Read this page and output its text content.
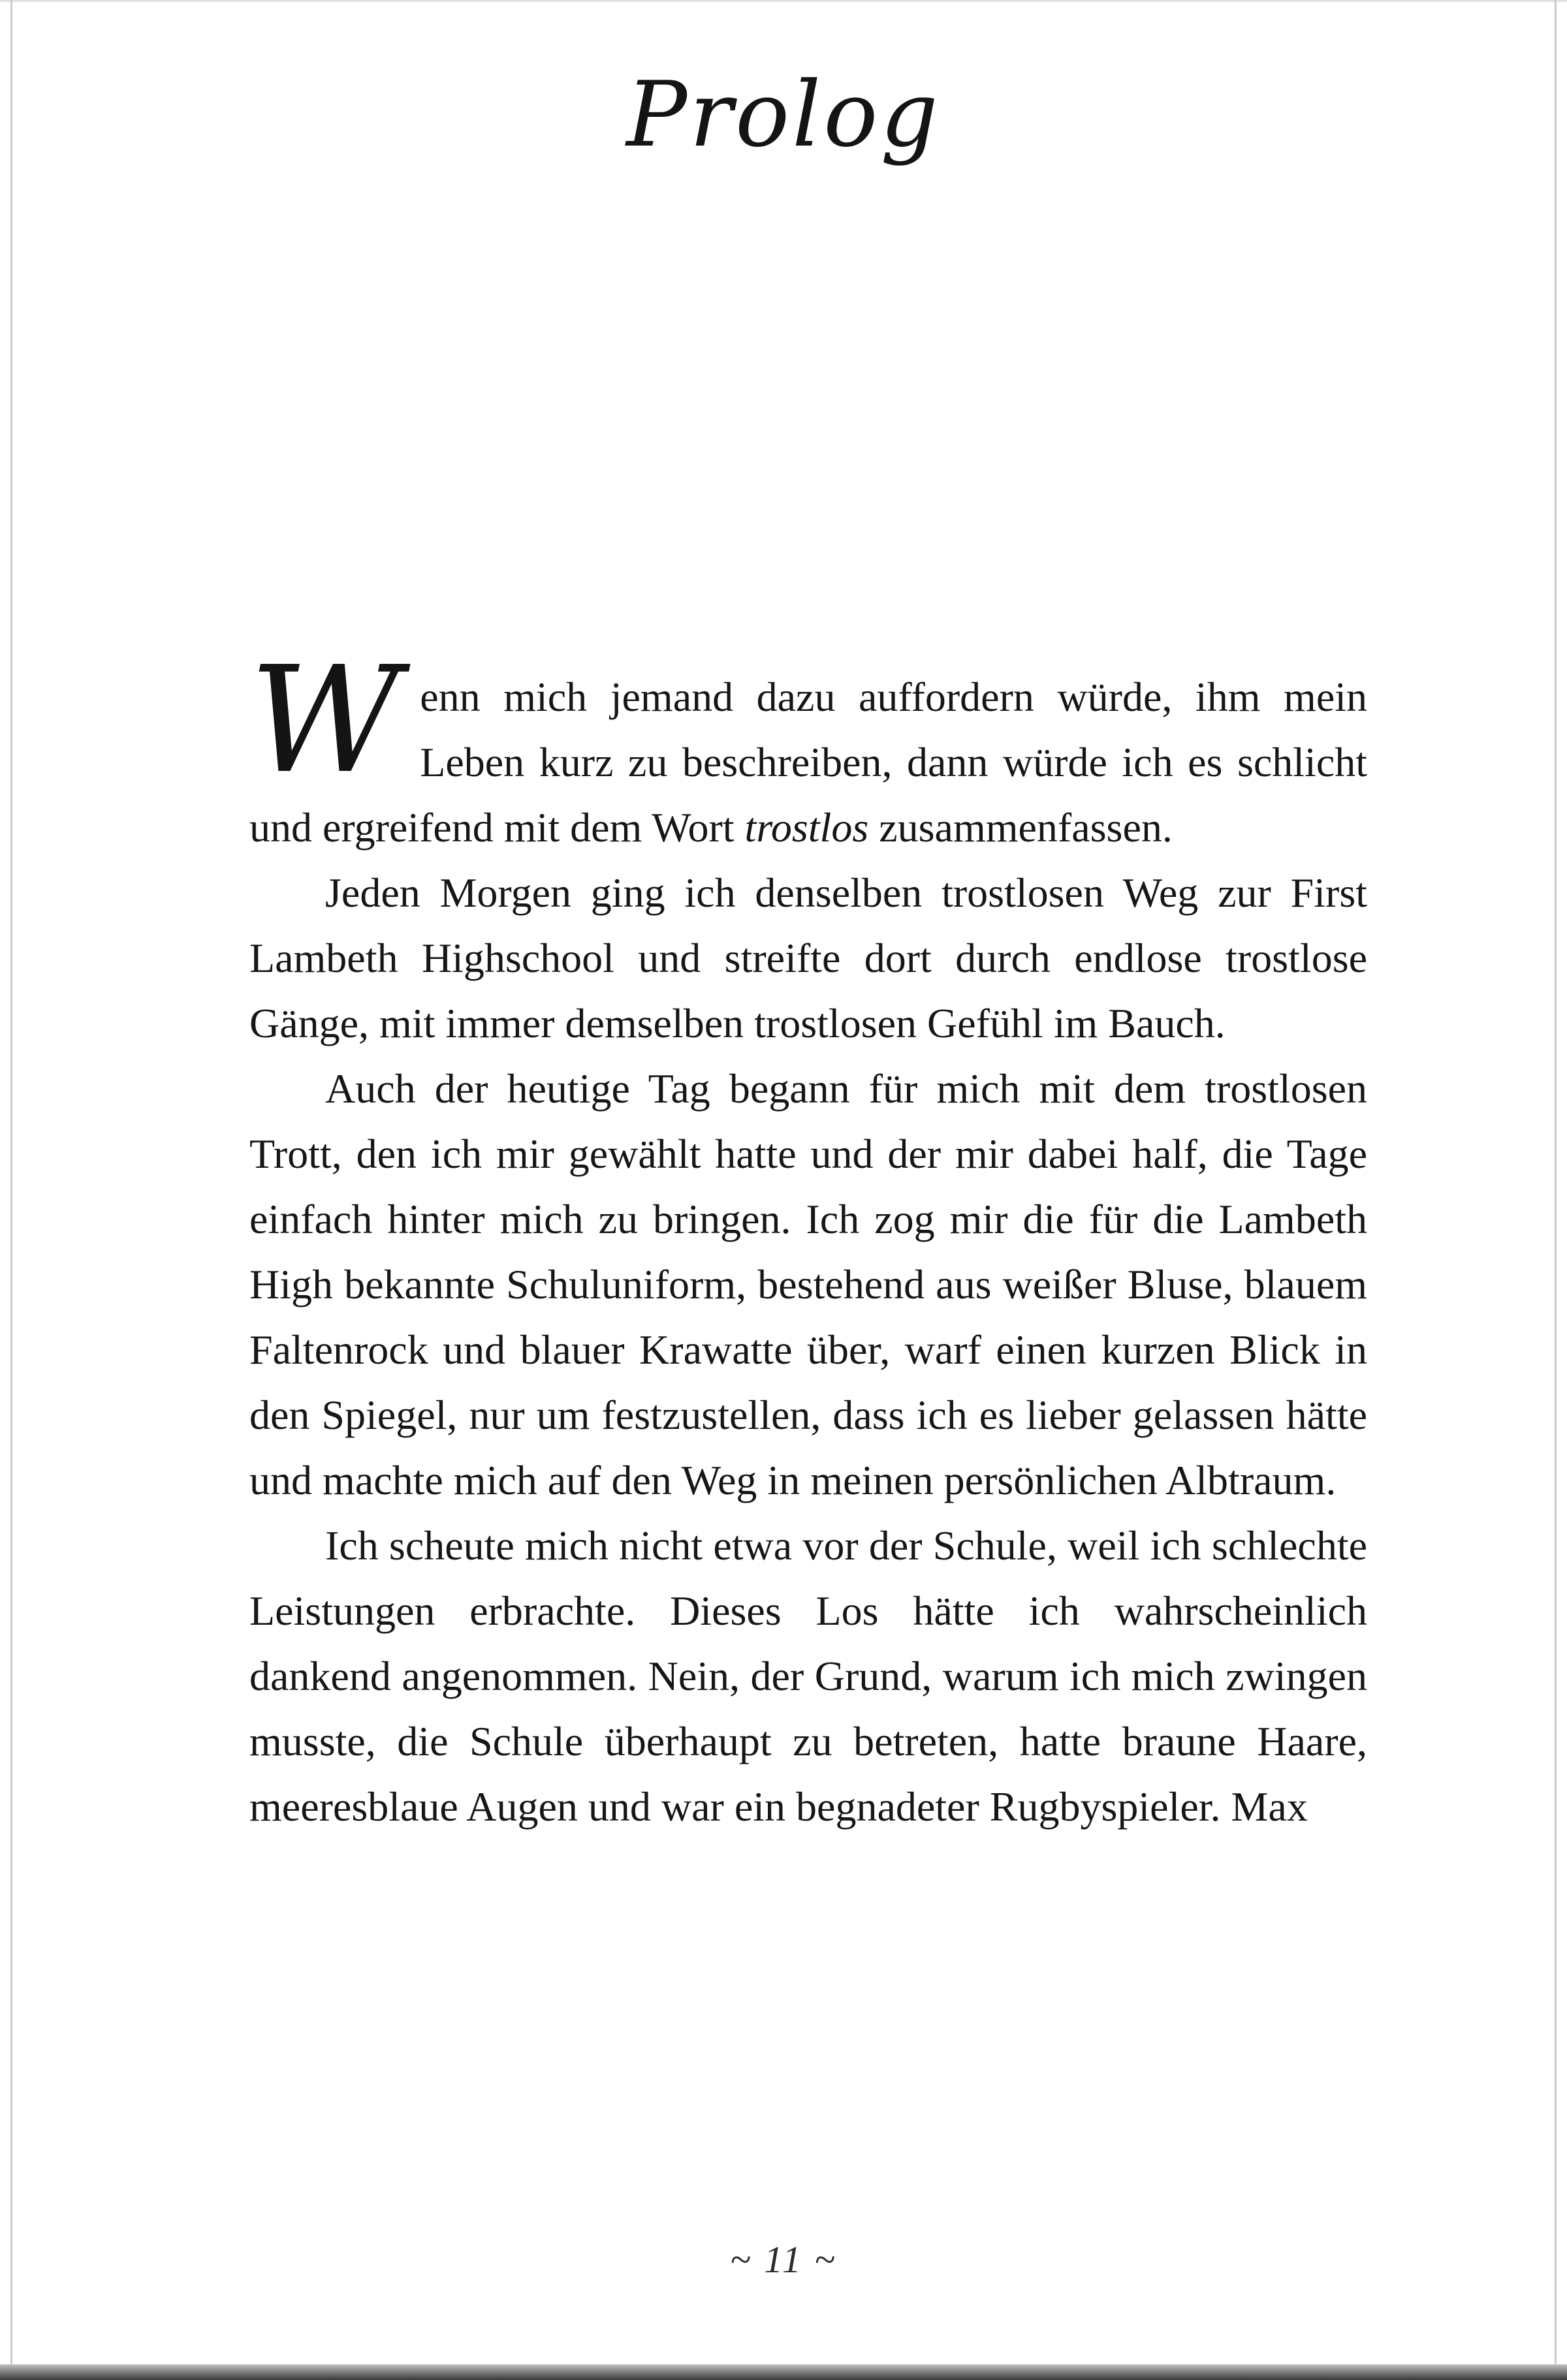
Prolog

Wenn mich jemand dazu auffordern würde, ihm mein Leben kurz zu beschreiben, dann würde ich es schlicht und ergreifend mit dem Wort trostlos zusammenfassen.

Jeden Morgen ging ich denselben trostlosen Weg zur First Lambeth Highschool und streifte dort durch endlose trostlose Gänge, mit immer demselben trostlosen Gefühl im Bauch.

Auch der heutige Tag begann für mich mit dem trostlosen Trott, den ich mir gewählt hatte und der mir dabei half, die Tage einfach hinter mich zu bringen. Ich zog mir die für die Lambeth High bekannte Schuluniform, bestehend aus weißer Bluse, blauem Faltenrock und blauer Krawatte über, warf einen kurzen Blick in den Spiegel, nur um festzustellen, dass ich es lieber gelassen hätte und machte mich auf den Weg in meinen persönlichen Albtraum.

Ich scheute mich nicht etwa vor der Schule, weil ich schlechte Leistungen erbrachte. Dieses Los hätte ich wahrscheinlich dankend angenommen. Nein, der Grund, warum ich mich zwingen musste, die Schule überhaupt zu betreten, hatte braune Haare, meeresblaue Augen und war ein begnadeter Rugbyspieler. Max

~ 11 ~
